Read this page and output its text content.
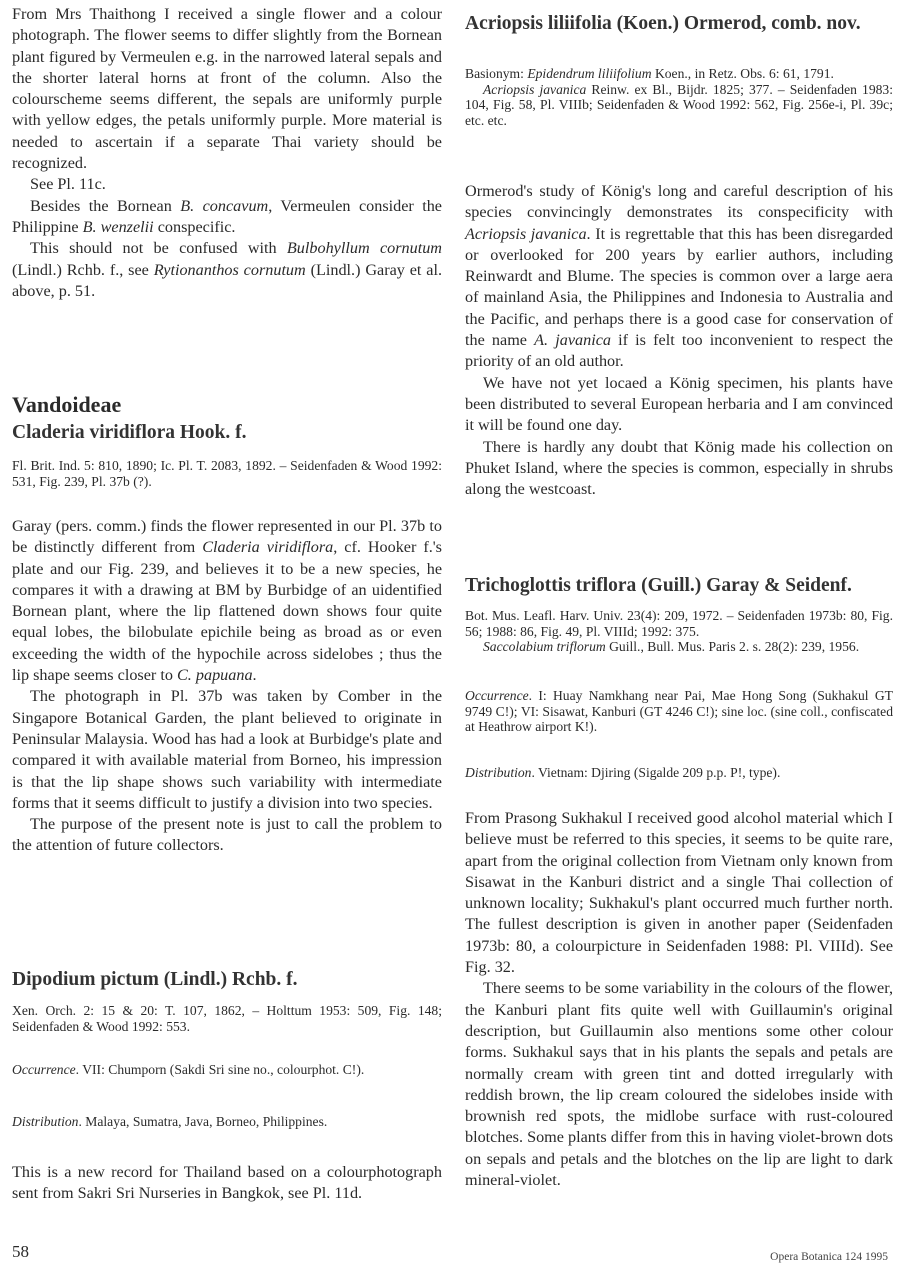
From Mrs Thaithong I received a single flower and a colour photograph. The flower seems to differ slightly from the Bornean plant figured by Vermeulen e.g. in the narrowed lateral sepals and the shorter lateral horns at front of the column. Also the colourscheme seems different, the sepals are uniformly purple with yellow edges, the petals uniformly purple. More material is needed to ascertain if a separate Thai variety should be recognized.

See Pl. 11c.

Besides the Bornean B. concavum, Vermeulen consider the Philippine B. wenzelii conspecific.

This should not be confused with Bulbohyllum cornutum (Lindl.) Rchb. f., see Rytionanthos cornutum (Lindl.) Garay et al. above, p. 51.

Vandoideae
Claderia viridiflora Hook. f.

Fl. Brit. Ind. 5: 810, 1890; Ic. Pl. T. 2083, 1892. – Seidenfaden & Wood 1992: 531, Fig. 239, Pl. 37b (?).

Garay (pers. comm.) finds the flower represented in our Pl. 37b to be distinctly different from Claderia viridiflora, cf. Hooker f.'s plate and our Fig. 239, and believes it to be a new species, he compares it with a drawing at BM by Burbidge of an uidentified Bornean plant, where the lip flattened down shows four quite equal lobes, the bilobulate epichile being as broad as or even exceeding the width of the hypochile across sidelobes ; thus the lip shape seems closer to C. papuana.

The photograph in Pl. 37b was taken by Comber in the Singapore Botanical Garden, the plant believed to originate in Peninsular Malaysia. Wood has had a look at Burbidge's plate and compared it with available material from Borneo, his impression is that the lip shape shows such variability with intermediate forms that it seems difficult to justify a division into two species.

The purpose of the present note is just to call the problem to the attention of future collectors.

Dipodium pictum (Lindl.) Rchb. f.

Xen. Orch. 2: 15 & 20: T. 107, 1862, – Holttum 1953: 509, Fig. 148; Seidenfaden & Wood 1992: 553.

Occurrence. VII: Chumporn (Sakdi Sri sine no., colourphot. C!).

Distribution. Malaya, Sumatra, Java, Borneo, Philippines.

This is a new record for Thailand based on a colourphotograph sent from Sakri Sri Nurseries in Bangkok, see Pl. 11d.

Acriopsis liliifolia (Koen.) Ormerod, comb. nov.

Basionym: Epidendrum liliifolium Koen., in Retz. Obs. 6: 61, 1791.

Acriopsis javanica Reinw. ex Bl., Bijdr. 1825; 377. – Seidenfaden 1983: 104, Fig. 58, Pl. VIIIb; Seidenfaden & Wood 1992: 562, Fig. 256e-i, Pl. 39c; etc. etc.

Ormerod's study of König's long and careful description of his species convincingly demonstrates its conspecificity with Acriopsis javanica. It is regrettable that this has been disregarded or overlooked for 200 years by earlier authors, including Reinwardt and Blume. The species is common over a large aera of mainland Asia, the Philippines and Indonesia to Australia and the Pacific, and perhaps there is a good case for conservation of the name A. javanica if is felt too inconvenient to respect the priority of an old author.

We have not yet locaed a König specimen, his plants have been distributed to several European herbaria and I am convinced it will be found one day.

There is hardly any doubt that König made his collection on Phuket Island, where the species is common, especially in shrubs along the westcoast.

Trichoglottis triflora (Guill.) Garay & Seidenf.

Bot. Mus. Leafl. Harv. Univ. 23(4): 209, 1972. – Seidenfaden 1973b: 80, Fig. 56; 1988: 86, Fig. 49, Pl. VIIId; 1992: 375.

Saccolabium triflorum Guill., Bull. Mus. Paris 2. s. 28(2): 239, 1956.

Occurrence. I: Huay Namkhang near Pai, Mae Hong Song (Sukhakul GT 9749 C!); VI: Sisawat, Kanburi (GT 4246 C!); sine loc. (sine coll., confiscated at Heathrow airport K!).

Distribution. Vietnam: Djiring (Sigalde 209 p.p. P!, type).

From Prasong Sukhakul I received good alcohol material which I believe must be referred to this species, it seems to be quite rare, apart from the original collection from Vietnam only known from Sisawat in the Kanburi district and a single Thai collection of unknown locality; Sukhakul's plant occurred much further north. The fullest description is given in another paper (Seidenfaden 1973b: 80, a colourpicture in Seidenfaden 1988: Pl. VIIId). See Fig. 32.

There seems to be some variability in the colours of the flower, the Kanburi plant fits quite well with Guillaumin's original description, but Guillaumin also mentions some other colour forms. Sukhakul says that in his plants the sepals and petals are normally cream with green tint and dotted irregularly with reddish brown, the lip cream coloured the sidelobes inside with brownish red spots, the midlobe surface with rust-coloured blotches. Some plants differ from this in having violet-brown dots on sepals and petals and the blotches on the lip are light to dark mineral-violet.

58	Opera Botanica 124 1995
